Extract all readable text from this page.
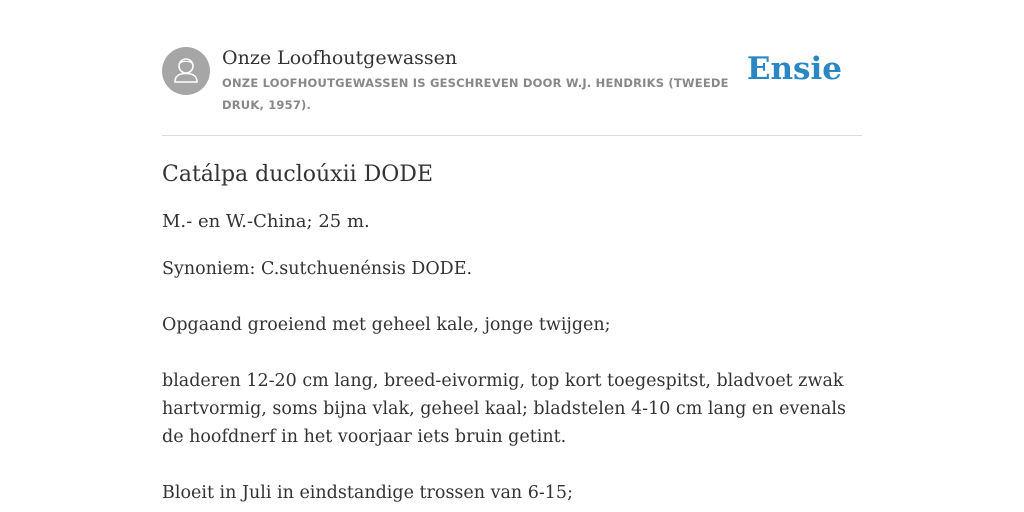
Onze Loofhoutgewassen
ONZE LOOFHOUTGEWASSEN IS GESCHREVEN DOOR W.J. HENDRIKS (TWEEDE DRUK, 1957).
Ensie
Catálpa ducloúxii DODE

M.- en W.-China; 25 m.

Synoniem: C.sutchuenénsis DODE.

Opgaand groeiend met geheel kale, jonge twijgen;

bladeren 12-20 cm lang, breed-eivormig, top kort toegespitst, bladvoet zwak hartvormig, soms bijna vlak, geheel kaal; bladstelen 4-10 cm lang en evenals de hoofdnerf in het voorjaar iets bruin getint.

Bloeit in Juli in eindstandige trossen van 6-15;
